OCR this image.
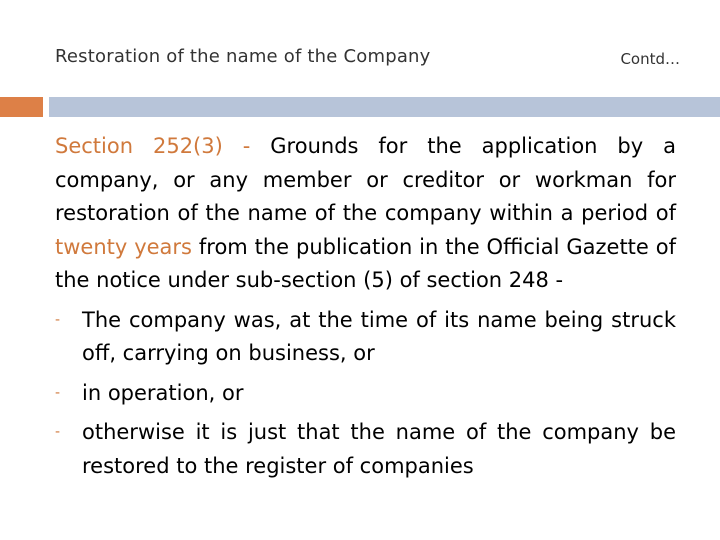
Restoration of the name of the Company	Contd…

Section 252(3) - Grounds for the application by a company, or any member or creditor or workman for restoration of the name of the company within a period of twenty years from the publication in the Official Gazette of the notice under sub-section (5) of section 248 -

- The company was, at the time of its name being struck off, carrying on business, or
- in operation, or
- otherwise it is just that the name of the company be restored to the register of companies
